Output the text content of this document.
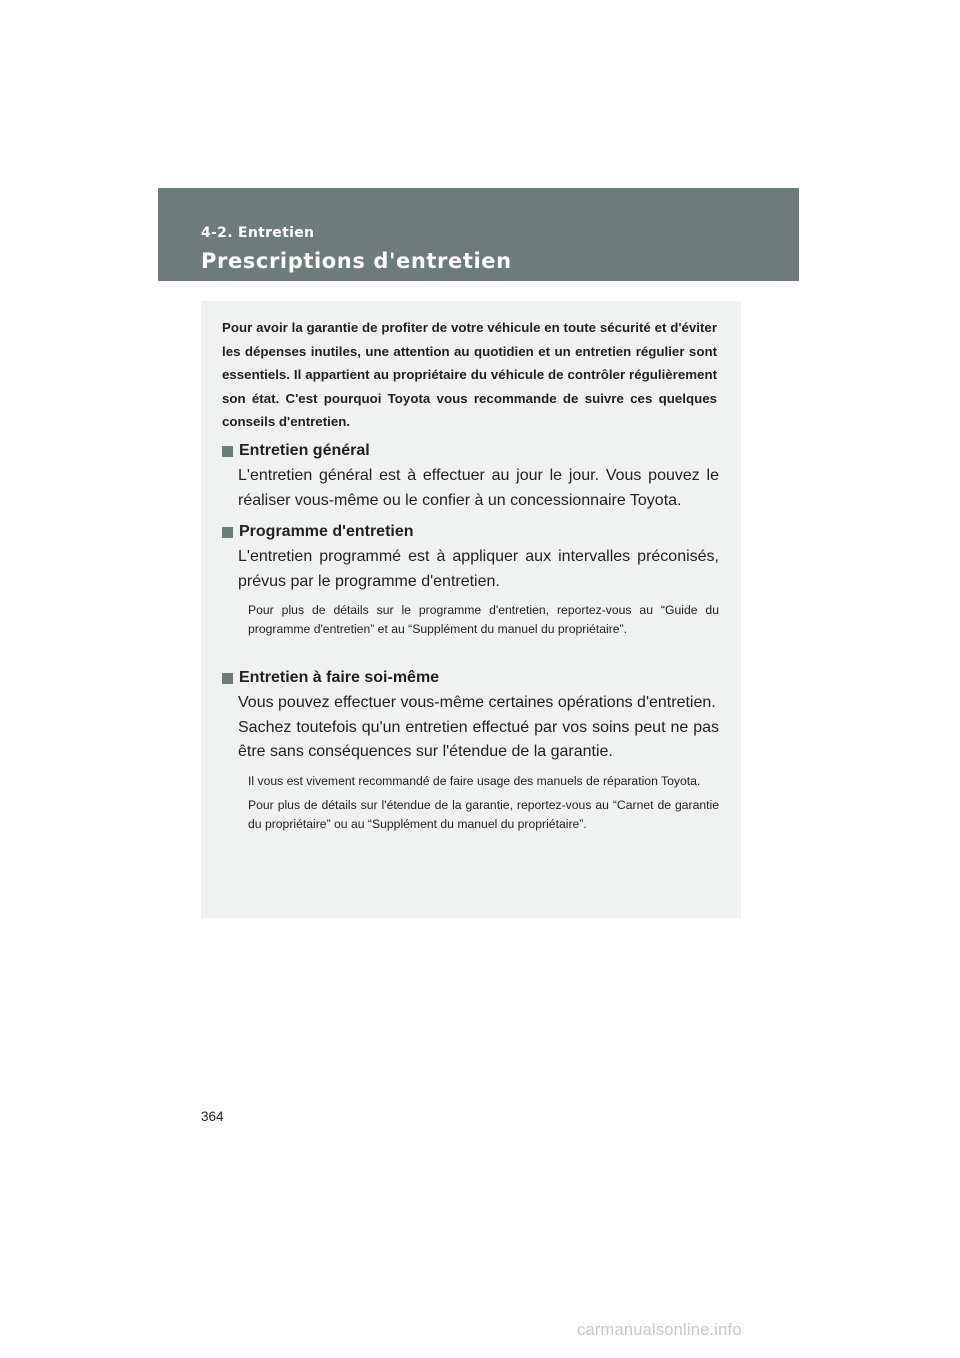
4-2. Entretien
Prescriptions d'entretien
Pour avoir la garantie de profiter de votre véhicule en toute sécurité et d'éviter les dépenses inutiles, une attention au quotidien et un entretien régulier sont essentiels. Il appartient au propriétaire du véhicule de contrôler régulièrement son état. C'est pourquoi Toyota vous recommande de suivre ces quelques conseils d'entretien.
Entretien général
L'entretien général est à effectuer au jour le jour. Vous pouvez le réaliser vous-même ou le confier à un concessionnaire Toyota.
Programme d'entretien
L'entretien programmé est à appliquer aux intervalles préconisés, prévus par le programme d'entretien.
Pour plus de détails sur le programme d'entretien, reportez-vous au “Guide du programme d'entretien” et au “Supplément du manuel du propriétaire”.
Entretien à faire soi-même
Vous pouvez effectuer vous-même certaines opérations d'entretien.
Sachez toutefois qu'un entretien effectué par vos soins peut ne pas être sans conséquences sur l'étendue de la garantie.
Il vous est vivement recommandé de faire usage des manuels de réparation Toyota.
Pour plus de détails sur l'étendue de la garantie, reportez-vous au “Carnet de garantie du propriétaire” ou au “Supplément du manuel du propriétaire”.
364
carmanualsonline.info
